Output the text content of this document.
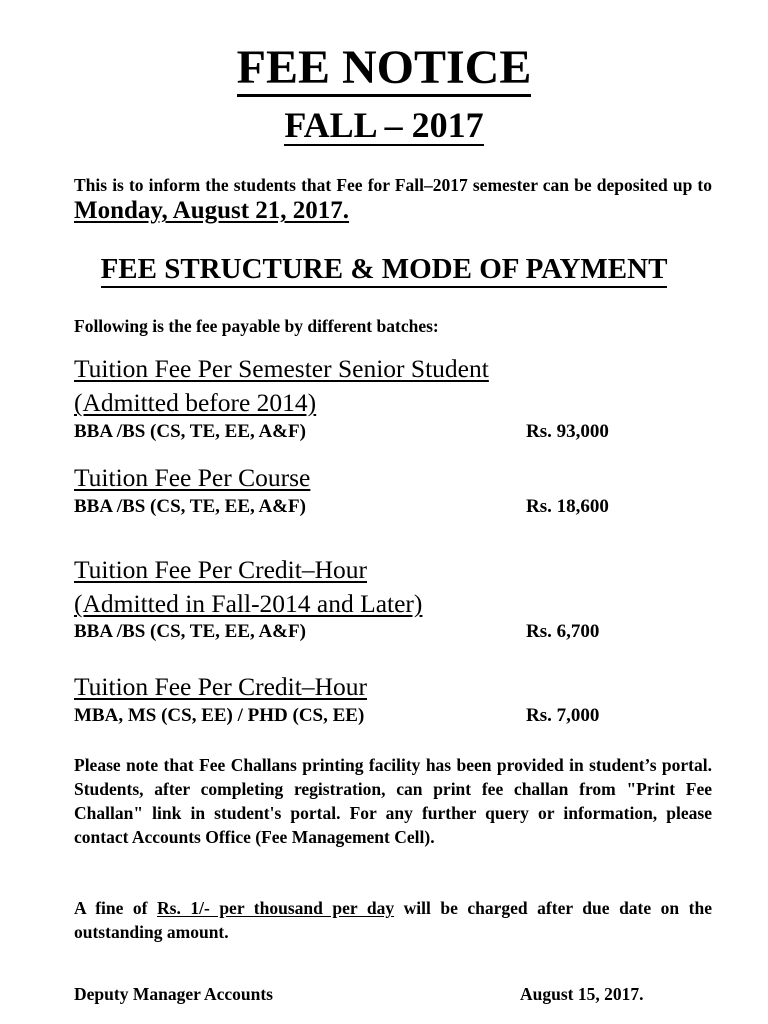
FEE NOTICE
FALL – 2017
This is to inform the students that Fee for Fall–2017 semester can be deposited up to Monday, August 21, 2017.
FEE STRUCTURE & MODE OF PAYMENT
Following is the fee payable by different batches:
Tuition Fee Per Semester Senior Student
(Admitted before 2014)
BBA /BS (CS, TE, EE, A&F)	Rs. 93,000
Tuition Fee Per Course
BBA /BS (CS, TE, EE, A&F)	Rs. 18,600
Tuition Fee Per Credit–Hour
(Admitted in Fall-2014 and Later)
BBA /BS (CS, TE, EE, A&F)	Rs. 6,700
Tuition Fee Per Credit–Hour
MBA, MS (CS, EE) / PHD (CS, EE)	Rs. 7,000
Please note that Fee Challans printing facility has been provided in student’s portal. Students, after completing registration, can print fee challan from "Print Fee Challan" link in student's portal. For any further query or information, please contact Accounts Office (Fee Management Cell).
A fine of Rs. 1/- per thousand per day will be charged after due date on the outstanding amount.
Deputy Manager Accounts	August 15, 2017.
